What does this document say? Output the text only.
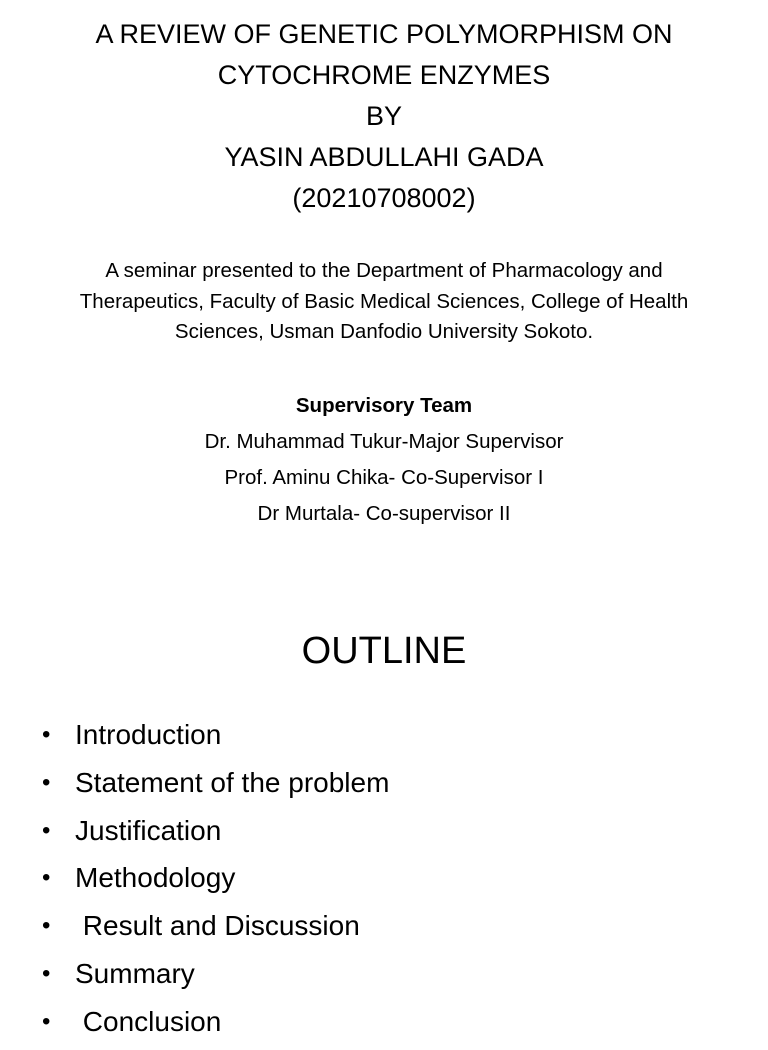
A REVIEW OF GENETIC POLYMORPHISM ON
CYTOCHROME ENZYMES
BY
YASIN ABDULLAHI GADA
(20210708002)
A seminar presented to the Department of Pharmacology and
Therapeutics, Faculty of Basic Medical Sciences, College of Health
Sciences, Usman Danfodio University Sokoto.
Supervisory Team
Dr. Muhammad Tukur-Major Supervisor
Prof. Aminu Chika- Co-Supervisor I
Dr Murtala- Co-supervisor II
OUTLINE
• Introduction
• Statement of the problem
• Justification
• Methodology
• Result and Discussion
• Summary
• Conclusion
